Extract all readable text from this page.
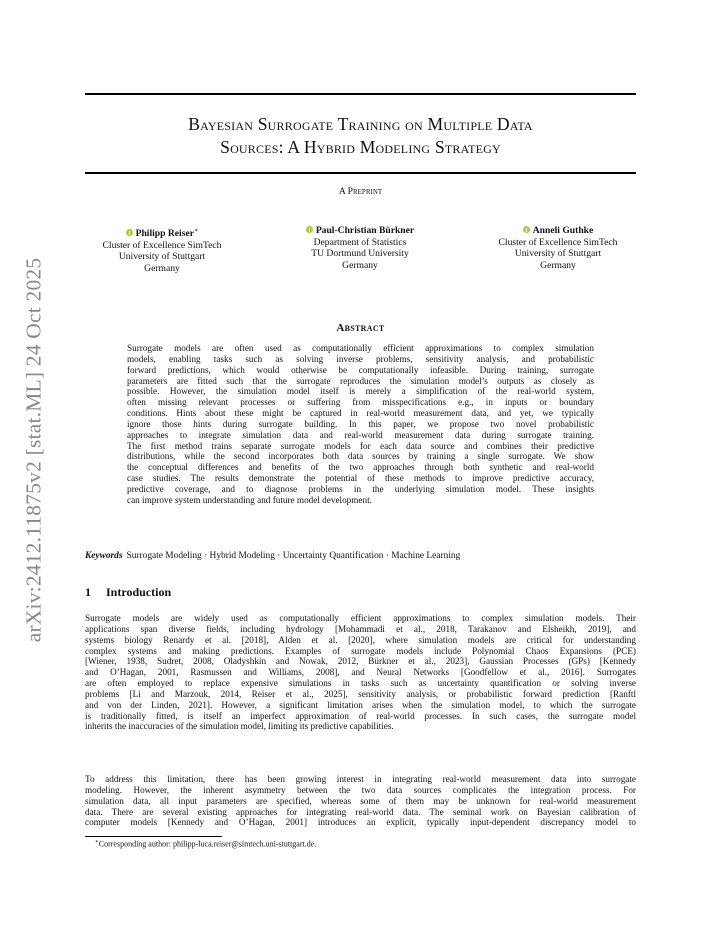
arXiv:2412.11875v2 [stat.ML] 24 Oct 2025
Bayesian Surrogate Training on Multiple Data
Sources: A Hybrid Modeling Strategy
A Preprint
Philipp Reiser∗
Cluster of Excellence SimTech
University of Stuttgart
Germany
Paul-Christian Bürkner
Department of Statistics
TU Dortmund University
Germany
Anneli Guthke
Cluster of Excellence SimTech
University of Stuttgart
Germany
Abstract
Surrogate models are often used as computationally efficient approximations to complex simulation
models, enabling tasks such as solving inverse problems, sensitivity analysis, and probabilistic
forward predictions, which would otherwise be computationally infeasible. During training, surrogate
parameters are fitted such that the surrogate reproduces the simulation model’s outputs as closely as
possible. However, the simulation model itself is merely a simplification of the real-world system,
often missing relevant processes or suffering from misspecifications e.g., in inputs or boundary
conditions. Hints about these might be captured in real-world measurement data, and yet, we typically
ignore those hints during surrogate building. In this paper, we propose two novel probabilistic
approaches to integrate simulation data and real-world measurement data during surrogate training.
The first method trains separate surrogate models for each data source and combines their predictive
distributions, while the second incorporates both data sources by training a single surrogate. We show
the conceptual differences and benefits of the two approaches through both synthetic and real-world
case studies. The results demonstrate the potential of these methods to improve predictive accuracy,
predictive coverage, and to diagnose problems in the underlying simulation model. These insights
can improve system understanding and future model development.
Keywords Surrogate Modeling · Hybrid Modeling · Uncertainty Quantification · Machine Learning
1 Introduction
Surrogate models are widely used as computationally efficient approximations to complex simulation models. Their
applications span diverse fields, including hydrology [Mohammadi et al., 2018, Tarakanov and Elsheikh, 2019], and
systems biology Renardy et al. [2018], Alden et al. [2020], where simulation models are critical for understanding
complex systems and making predictions. Examples of surrogate models include Polynomial Chaos Expansions (PCE)
[Wiener, 1938, Sudret, 2008, Oladyshkin and Nowak, 2012, Bürkner et al., 2023], Gaussian Processes (GPs) [Kennedy
and O’Hagan, 2001, Rasmussen and Williams, 2008], and Neural Networks [Goodfellow et al., 2016]. Surrogates
are often employed to replace expensive simulations in tasks such as uncertainty quantification or solving inverse
problems [Li and Marzouk, 2014, Reiser et al., 2025], sensitivity analysis, or probabilistic forward prediction [Ranftl
and von der Linden, 2021]. However, a significant limitation arises when the simulation model, to which the surrogate
is traditionally fitted, is itself an imperfect approximation of real-world processes. In such cases, the surrogate model
inherits the inaccuracies of the simulation model, limiting its predictive capabilities.
To address this limitation, there has been growing interest in integrating real-world measurement data into surrogate
modeling. However, the inherent asymmetry between the two data sources complicates the integration process. For
simulation data, all input parameters are specified, whereas some of them may be unknown for real-world measurement
data. There are several existing approaches for integrating real-world data. The seminal work on Bayesian calibration of
computer models [Kennedy and O’Hagan, 2001] introduces an explicit, typically input-dependent discrepancy model to
∗Corresponding author: philipp-luca.reiser@simtech.uni-stuttgart.de.
